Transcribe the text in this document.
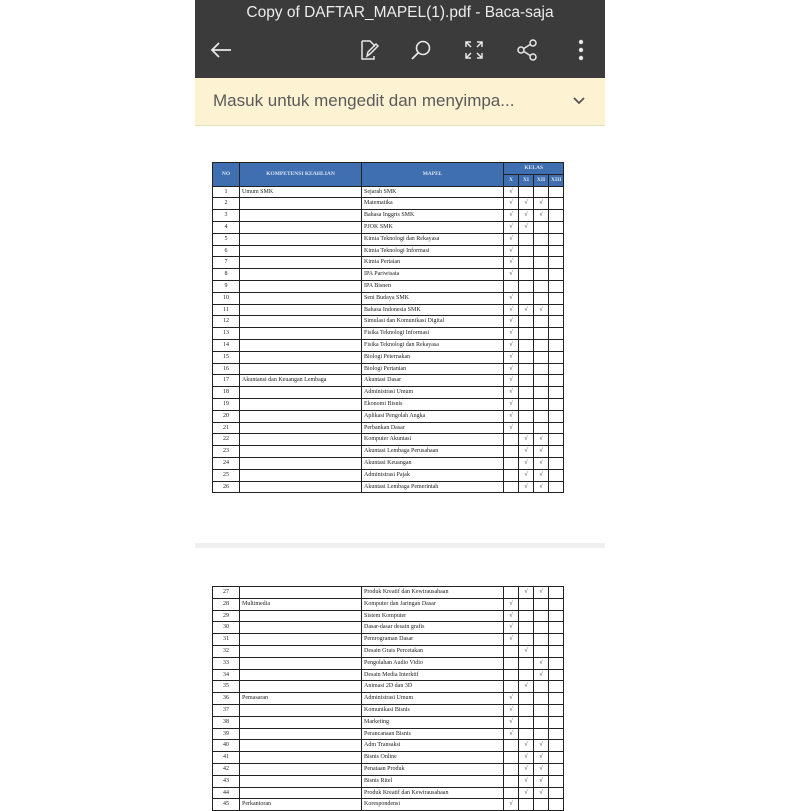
Copy of DAFTAR_MAPEL(1).pdf - Baca-saja
Masuk untuk mengedit dan menyimpa...
NO	KOMPETENSI KEAHLIAN	MAPEL	KELAS			
			X	XI	XII	XIII
1	Umum SMK	Sejarah SMK	√			
2		Matematika	√	√	√	
3		Bahasa Inggris SMK	√	√	√	
4		PJOK SMK	√	√		
5		Kimia Teknologi dan Rekayasa	√			
6		Kimia Teknologi Informasi	√			
7		Kimia Pertaian	√			
8		IPA Pariwisata	√			
9		IPA Bisnen				
10		Seni Budaya SMK	√			
11		Bahasa Indonesia SMK	√	√	√	
12		Simulasi dan Komunikasi Digital	√			
13		Fisika Teknologi Informasi	√			
14		Fisika Teknologi dan Rekayasa	√			
15		Biologi Peternakan	√			
16		Biologi Pertanian	√			
17	Akuntansi dan Keuangan Lembaga	Akuntasi Dasar	√			
18		Administrasi Umum	√			
19		Ekonomi Bisnis	√			
20		Aplikasi Pengolah Angka	√			
21		Perbankan Dasar	√			
22		Komputer Akuntasi		√	√	
23		Akuntasi Lembaga Perusahaan		√	√	
24		Akuntasi Keuangan		√	√	
25		Administrasi Pajak		√	√	
26		Akuntasi Lembaga Pemerintah		√	√	
27		Produk Kreatif dan Kewirausahaan		√	√	
28	Multimedia	Komputer dan Jaringan Dasar	√			
29		Sistem Komputer	√			
30		Dasar-dasar desain grafis	√			
31		Pemrograman Dasar	√			
32		Desain Grais Percetakan		√		
33		Pengolahan Audio Vidio			√	
34		Desain Media Interktif			√	
35		Animasi 2D dan 3D		√		
36	Pemasaran	Administrasi Umum	√			
37		Komunikasi Bisnis	√			
38		Marketing	√			
39		Perancanaan Bisnis	√			
40		Adm Transaksi		√	√	
41		Bisnis Online		√	√	
42		Penataan Produk		√	√	
43		Bisnis Ritel		√	√	
44		Produk Kreatif dan Kewirausahaan		√	√	
45	Perkantoran	Korespondensi	√			
